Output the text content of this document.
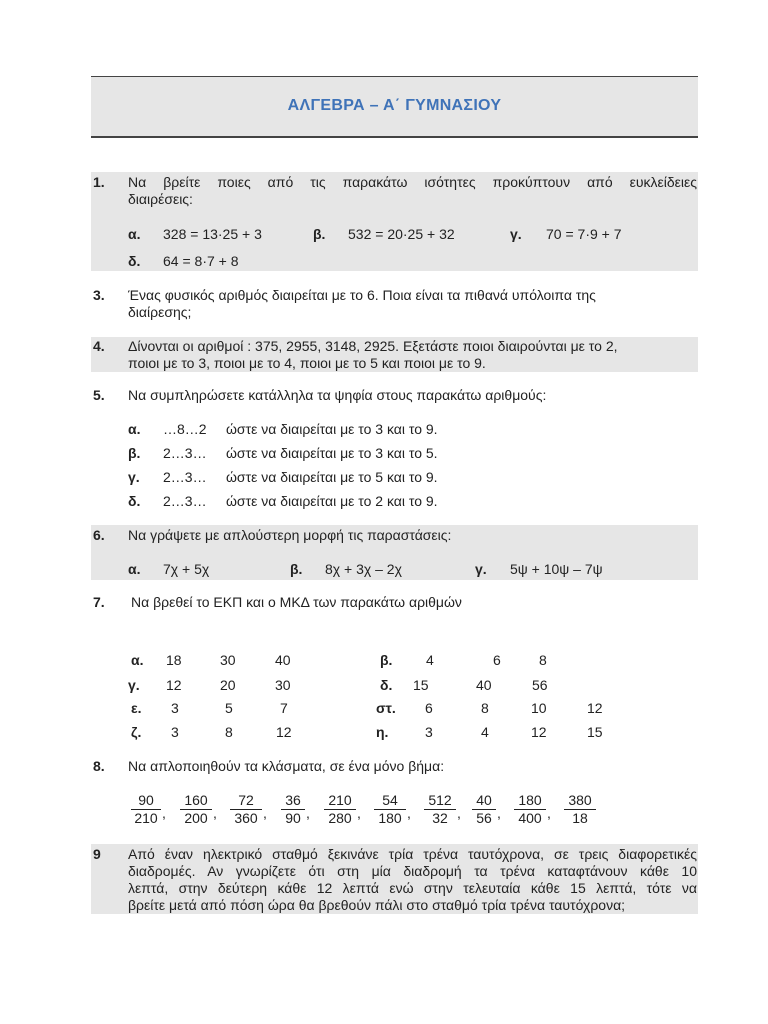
ΑΛΓΕΒΡΑ – Α΄ ΓΥΜΝΑΣΙΟΥ
1. Να βρείτε ποιες από τις παρακάτω ισότητες προκύπτουν από ευκλείδειες
διαιρέσεις:
α. 328 = 13·25 + 3	β. 532 = 20·25 + 32	γ. 70 = 7·9 + 7
δ. 64 = 8·7 + 8
3. Ένας φυσικός αριθμός διαιρείται με το 6. Ποια είναι τα πιθανά υπόλοιπα της
διαίρεσης;
4. Δίνονται οι αριθμοί : 375, 2955, 3148, 2925. Εξετάστε ποιοι διαιρούνται με το 2,
ποιοι με το 3, ποιοι με το 4, ποιοι με το 5 και ποιοι με το 9.
5. Να συμπληρώσετε κατάλληλα τα ψηφία στους παρακάτω αριθμούς:
α. …8…2 ώστε να διαιρείται με το 3 και το 9.
β. 2…3… ώστε να διαιρείται με το 3 και το 5.
γ. 2…3… ώστε να διαιρείται με το 5 και το 9.
δ. 2…3… ώστε να διαιρείται με το 2 και το 9.
6. Να γράψετε με απλούστερη μορφή τις παραστάσεις:
α. 7χ + 5χ	β. 8χ + 3χ – 2χ	γ. 5ψ + 10ψ – 7ψ
7. Να βρεθεί το ΕΚΠ και ο ΜΚΔ των παρακάτω αριθμών
α. 18	30	40	β. 4	6	8
γ. 12	20	30	δ. 15	40	56
ε. 3	5	7	στ. 6	8	10	12
ζ. 3	8	12	η.	3	4	12	15
8. Να απλοποιηθούν τα κλάσματα, σε ένα μόνο βήμα:
$\frac{90}{210}$ , $\frac{160}{200}$ , $\frac{72}{360}$ , $\frac{36}{90}$ , $\frac{210}{280}$ , $\frac{54}{180}$ , $\frac{512}{32}$ , $\frac{40}{56}$ , $\frac{180}{400}$ , $\frac{380}{18}$
9 Από έναν ηλεκτρικό σταθμό ξεκινάνε τρία τρένα ταυτόχρονα, σε τρεις διαφορετικές
διαδρομές. Αν γνωρίζετε ότι στη μία διαδρομή τα τρένα καταφτάνουν κάθε 10
λεπτά, στην δεύτερη κάθε 12 λεπτά ενώ στην τελευταία κάθε 15 λεπτά, τότε να
βρείτε μετά από πόση ώρα θα βρεθούν πάλι στο σταθμό τρία τρένα ταυτόχρονα;
